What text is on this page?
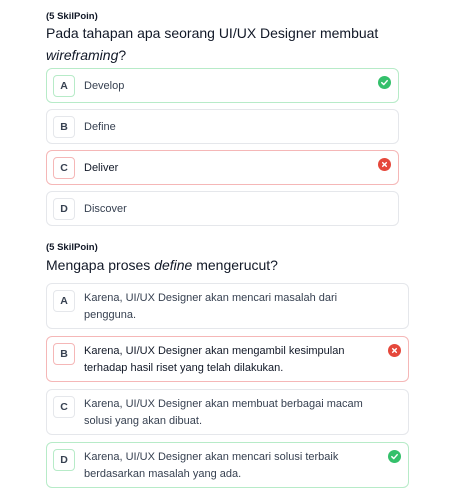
(5 SkilPoin)
Pada tahapan apa seorang UI/UX Designer membuat
wireframing?
A	Develop
B	Define
C	Deliver
D	Discover
(5 SkilPoin)
Mengapa proses define mengerucut?
A	Karena, UI/UX Designer akan mencari masalah dari
pengguna.
B	Karena, UI/UX Designer akan mengambil kesimpulan
terhadap hasil riset yang telah dilakukan.
C	Karena, UI/UX Designer akan membuat berbagai macam
solusi yang akan dibuat.
D	Karena, UI/UX Designer akan mencari solusi terbaik
berdasarkan masalah yang ada.
